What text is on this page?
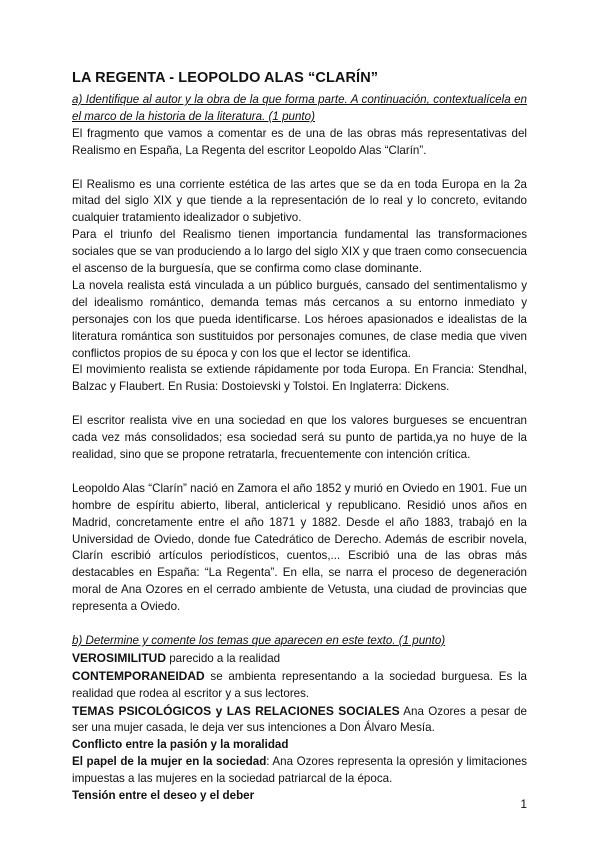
LA REGENTA - LEOPOLDO ALAS “CLARÍN”

a) Identifique al autor y la obra de la que forma parte. A continuación, contextualícela en el marco de la historia de la literatura. (1 punto)

El fragmento que vamos a comentar es de una de las obras más representativas del Realismo en España, La Regenta del escritor Leopoldo Alas “Clarín”.

El Realismo es una corriente estética de las artes que se da en toda Europa en la 2a mitad del siglo XIX y que tiende a la representación de lo real y lo concreto, evitando cualquier tratamiento idealizador o subjetivo.

Para el triunfo del Realismo tienen importancia fundamental las transformaciones sociales que se van produciendo a lo largo del siglo XIX y que traen como consecuencia el ascenso de la burguesía, que se confirma como clase dominante.

La novela realista está vinculada a un público burgués, cansado del sentimentalismo y del idealismo romántico, demanda temas más cercanos a su entorno inmediato y personajes con los que pueda identificarse. Los héroes apasionados e idealistas de la literatura romántica son sustituidos por personajes comunes, de clase media que viven conflictos propios de su época y con los que el lector se identifica.

El movimiento realista se extiende rápidamente por toda Europa. En Francia: Stendhal, Balzac y Flaubert. En Rusia: Dostoievski y Tolstoi. En Inglaterra: Dickens.

El escritor realista vive en una sociedad en que los valores burgueses se encuentran cada vez más consolidados; esa sociedad será su punto de partida,ya no huye de la realidad, sino que se propone retratarla, frecuentemente con intención crítica.

Leopoldo Alas “Clarín” nació en Zamora el año 1852 y murió en Oviedo en 1901. Fue un hombre de espíritu abierto, liberal, anticlerical y republicano. Residió unos años en Madrid, concretamente entre el año 1871 y 1882. Desde el año 1883, trabajó en la Universidad de Oviedo, donde fue Catedrático de Derecho. Además de escribir novela, Clarín escribió artículos periodísticos, cuentos,... Escribió una de las obras más destacables en España: “La Regenta”. En ella, se narra el proceso de degeneración moral de Ana Ozores en el cerrado ambiente de Vetusta, una ciudad de provincias que representa a Oviedo.

b) Determine y comente los temas que aparecen en este texto. (1 punto)

VEROSIMILITUD parecido a la realidad

CONTEMPORANEIDAD se ambienta representando a la sociedad burguesa. Es la realidad que rodea al escritor y a sus lectores.

TEMAS PSICOLÓGICOS y LAS RELACIONES SOCIALES Ana Ozores a pesar de ser una mujer casada, le deja ver sus intenciones a Don Álvaro Mesía.

Conflicto entre la pasión y la moralidad

El papel de la mujer en la sociedad: Ana Ozores representa la opresión y limitaciones impuestas a las mujeres en la sociedad patriarcal de la época.

Tensión entre el deseo y el deber

1
